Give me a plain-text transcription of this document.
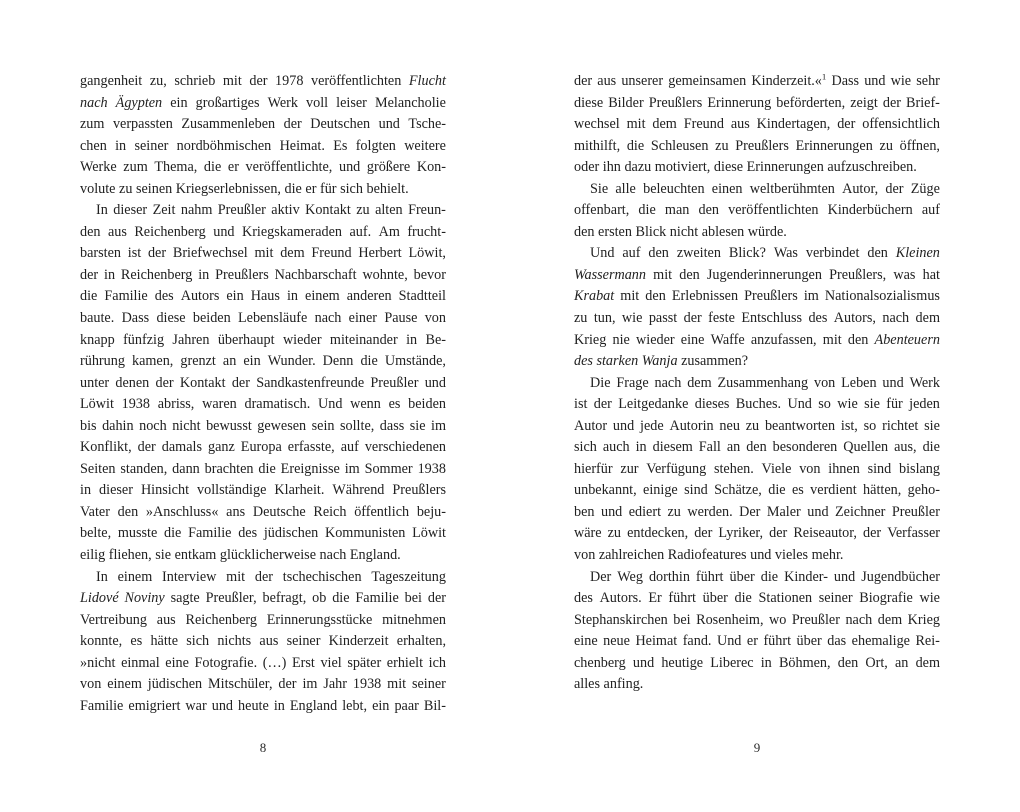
gangenheit zu, schrieb mit der 1978 veröffentlichten Flucht
nach Ägypten ein großartiges Werk voll leiser Melancholie
zum verpassten Zusammenleben der Deutschen und Tsche-
chen in seiner nordböhmischen Heimat. Es folgten weitere
Werke zum Thema, die er veröffentlichte, und größere Kon-
volute zu seinen Kriegserlebnissen, die er für sich behielt.
In dieser Zeit nahm Preußler aktiv Kontakt zu alten Freun-
den aus Reichenberg und Kriegskameraden auf. Am frucht-
barsten ist der Briefwechsel mit dem Freund Herbert Löwit,
der in Reichenberg in Preußlers Nachbarschaft wohnte, bevor
die Familie des Autors ein Haus in einem anderen Stadtteil
baute. Dass diese beiden Lebensläufe nach einer Pause von
knapp fünfzig Jahren überhaupt wieder miteinander in Be-
rührung kamen, grenzt an ein Wunder. Denn die Umstände,
unter denen der Kontakt der Sandkastenfreunde Preußler und
Löwit 1938 abriss, waren dramatisch. Und wenn es beiden
bis dahin noch nicht bewusst gewesen sein sollte, dass sie im
Konflikt, der damals ganz Europa erfasste, auf verschiedenen
Seiten standen, dann brachten die Ereignisse im Sommer 1938
in dieser Hinsicht vollständige Klarheit. Während Preußlers
Vater den »Anschluss« ans Deutsche Reich öffentlich beju-
belte, musste die Familie des jüdischen Kommunisten Löwit
eilig fliehen, sie entkam glücklicherweise nach England.
In einem Interview mit der tschechischen Tageszeitung
Lidové Noviny sagte Preußler, befragt, ob die Familie bei der
Vertreibung aus Reichenberg Erinnerungsstücke mitnehmen
konnte, es hätte sich nichts aus seiner Kinderzeit erhalten,
»nicht einmal eine Fotografie. (…) Erst viel später erhielt ich
von einem jüdischen Mitschüler, der im Jahr 1938 mit seiner
Familie emigriert war und heute in England lebt, ein paar Bil-
der aus unserer gemeinsamen Kinderzeit.«$^1$ Dass und wie sehr
diese Bilder Preußlers Erinnerung beförderten, zeigt der Brief-
wechsel mit dem Freund aus Kindertagen, der offensichtlich
mithilft, die Schleusen zu Preußlers Erinnerungen zu öffnen,
oder ihn dazu motiviert, diese Erinnerungen aufzuschreiben.
Sie alle beleuchten einen weltberühmten Autor, der Züge
offenbart, die man den veröffentlichten Kinderbüchern auf
den ersten Blick nicht ablesen würde.
Und auf den zweiten Blick? Was verbindet den Kleinen
Wassermann mit den Jugenderinnerungen Preußlers, was hat
Krabat mit den Erlebnissen Preußlers im Nationalsozialismus
zu tun, wie passt der feste Entschluss des Autors, nach dem
Krieg nie wieder eine Waffe anzufassen, mit den Abenteuern
des starken Wanja zusammen?
Die Frage nach dem Zusammenhang von Leben und Werk
ist der Leitgedanke dieses Buches. Und so wie sie für jeden
Autor und jede Autorin neu zu beantworten ist, so richtet sie
sich auch in diesem Fall an den besonderen Quellen aus, die
hierfür zur Verfügung stehen. Viele von ihnen sind bislang
unbekannt, einige sind Schätze, die es verdient hätten, geho-
ben und ediert zu werden. Der Maler und Zeichner Preußler
wäre zu entdecken, der Lyriker, der Reiseautor, der Verfasser
von zahlreichen Radiofeatures und vieles mehr.
Der Weg dorthin führt über die Kinder- und Jugendbücher
des Autors. Er führt über die Stationen seiner Biografie wie
Stephanskirchen bei Rosenheim, wo Preußler nach dem Krieg
eine neue Heimat fand. Und er führt über das ehemalige Rei-
chenberg und heutige Liberec in Böhmen, den Ort, an dem
alles anfing.
8	9
